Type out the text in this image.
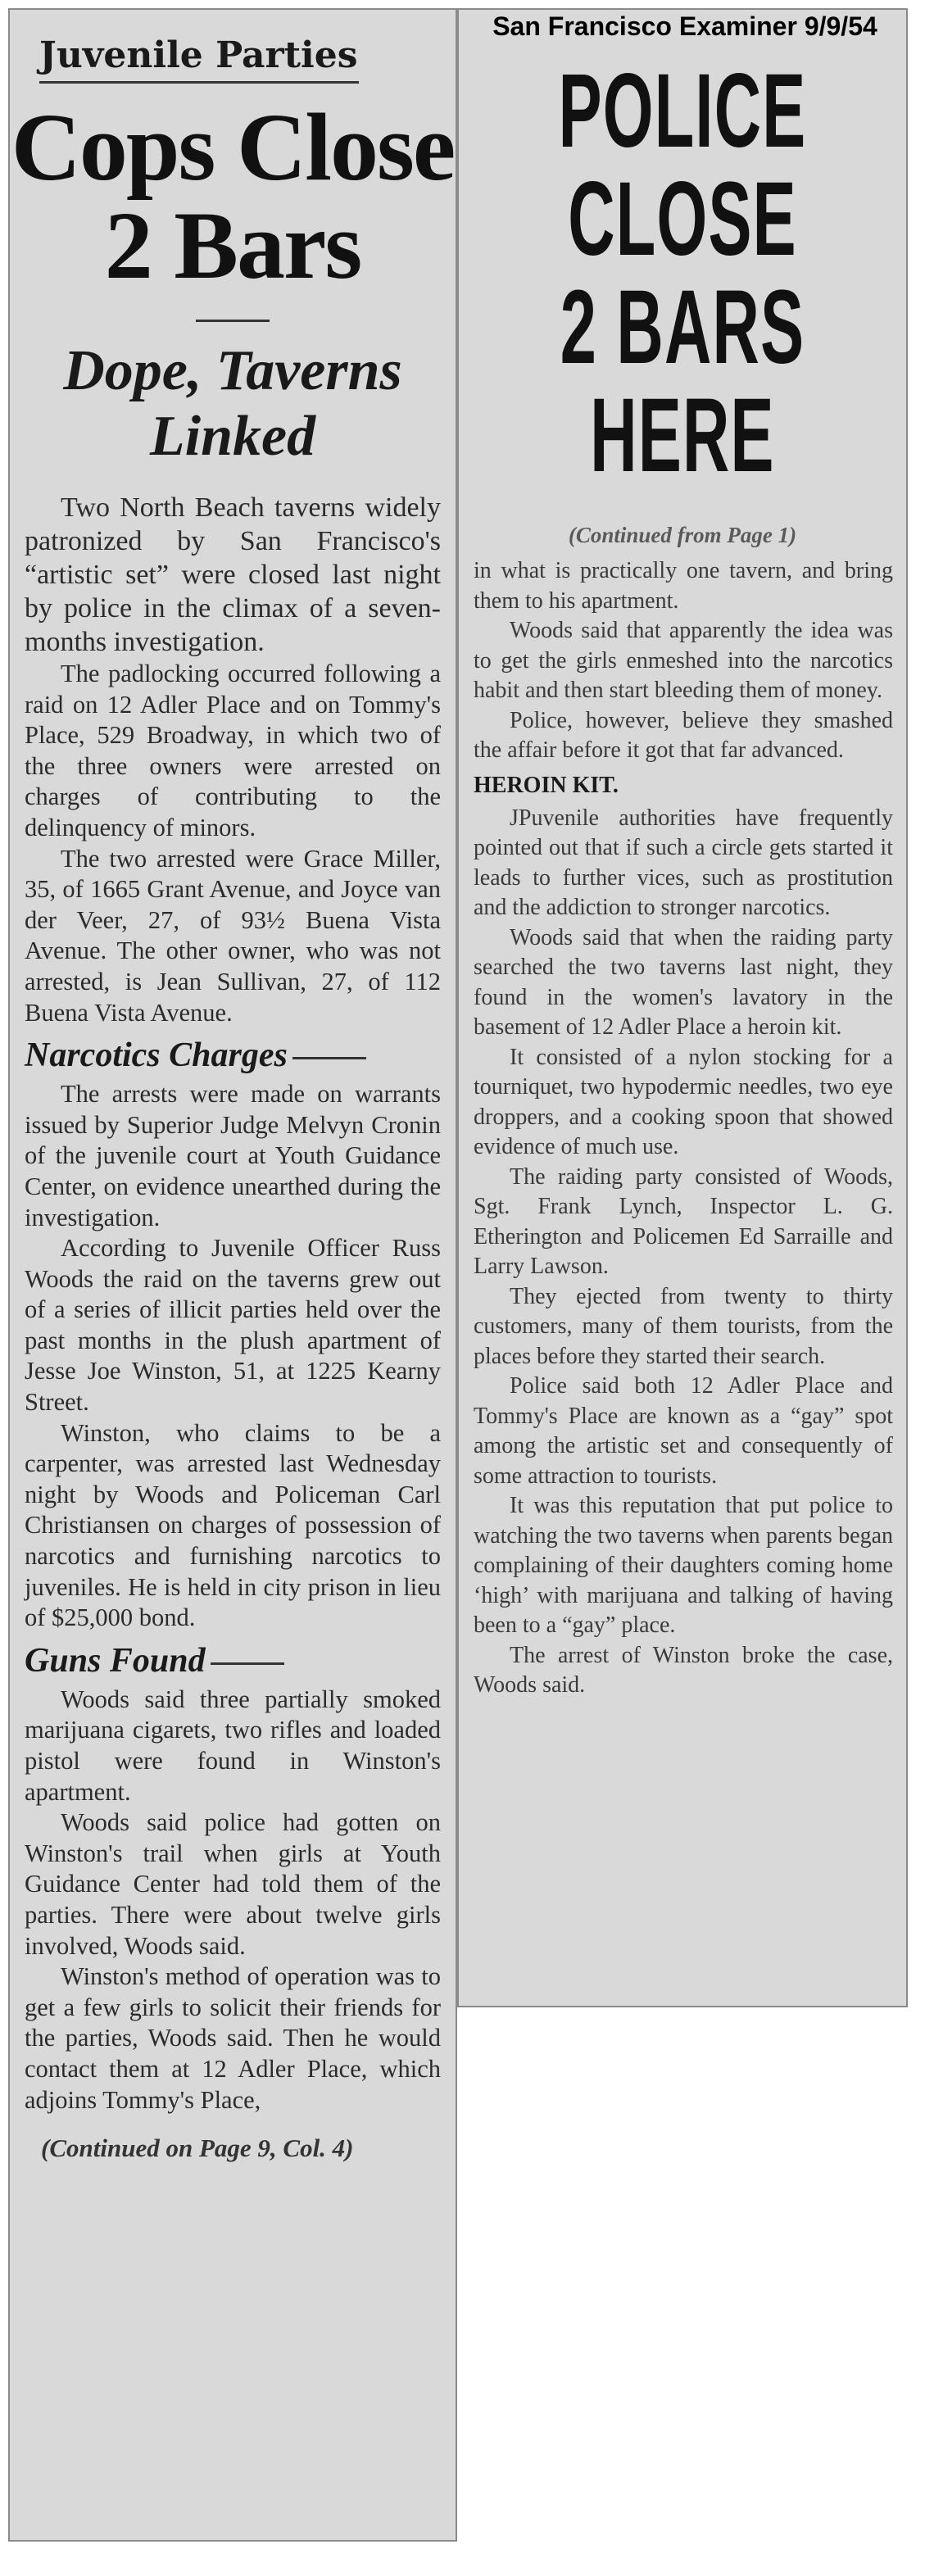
Juvenile Parties
Cops Close
2 Bars
Dope, Taverns
Linked

Two North Beach taverns widely patronized by San Francisco's “artistic set” were closed last night by police in the climax of a seven-months investigation.

The padlocking occurred following a raid on 12 Adler Place and on Tommy's Place, 529 Broadway, in which two of the three owners were arrested on charges of contributing to the delinquency of minors.

The two arrested were Grace Miller, 35, of 1665 Grant Avenue, and Joyce van der Veer, 27, of 93½ Buena Vista Avenue. The other owner, who was not arrested, is Jean Sullivan, 27, of 112 Buena Vista Avenue.

Narcotics Charges

The arrests were made on warrants issued by Superior Judge Melvyn Cronin of the juvenile court at Youth Guidance Center, on evidence unearthed during the investigation.

According to Juvenile Officer Russ Woods the raid on the taverns grew out of a series of illicit parties held over the past months in the plush apartment of Jesse Joe Winston, 51, at 1225 Kearny Street.

Winston, who claims to be a carpenter, was arrested last Wednesday night by Woods and Policeman Carl Christiansen on charges of possession of narcotics and furnishing narcotics to juveniles. He is held in city prison in lieu of $25,000 bond.

Guns Found

Woods said three partially smoked marijuana cigarets, two rifles and loaded pistol were found in Winston's apartment.

Woods said police had gotten on Winston's trail when girls at Youth Guidance Center had told them of the parties. There were about twelve girls involved, Woods said.

Winston's method of operation was to get a few girls to solicit their friends for the parties, Woods said. Then he would contact them at 12 Adler Place, which adjoins Tommy's Place,

(Continued on Page 9, Col. 4)
POLICE CLOSE
2 BARS HERE
(Continued from Page 1)

in what is practically one tavern, and bring them to his apartment.

Woods said that apparently the idea was to get the girls enmeshed into the narcotics habit and then start bleeding them of money.

Police, however, believe they smashed the affair before it got that far advanced.

HEROIN KIT.

JPuvenile authorities have frequently pointed out that if such a circle gets started it leads to further vices, such as prostitution and the addiction to stronger narcotics.

Woods said that when the raiding party searched the two taverns last night, they found in the women's lavatory in the basement of 12 Adler Place a heroin kit.

It consisted of a nylon stocking for a tourniquet, two hypodermic needles, two eye droppers, and a cooking spoon that showed evidence of much use.

The raiding party consisted of Woods, Sgt. Frank Lynch, Inspector L. G. Etherington and Policemen Ed Sarraille and Larry Lawson.

They ejected from twenty to thirty customers, many of them tourists, from the places before they started their search.

Police said both 12 Adler Place and Tommy's Place are known as a “gay” spot among the artistic set and consequently of some attraction to tourists.

It was this reputation that put police to watching the two taverns when parents began complaining of their daughters coming home ‘high’ with marijuana and talking of having been to a “gay” place.

The arrest of Winston broke the case, Woods said.

San Francisco Examiner 9/9/54
